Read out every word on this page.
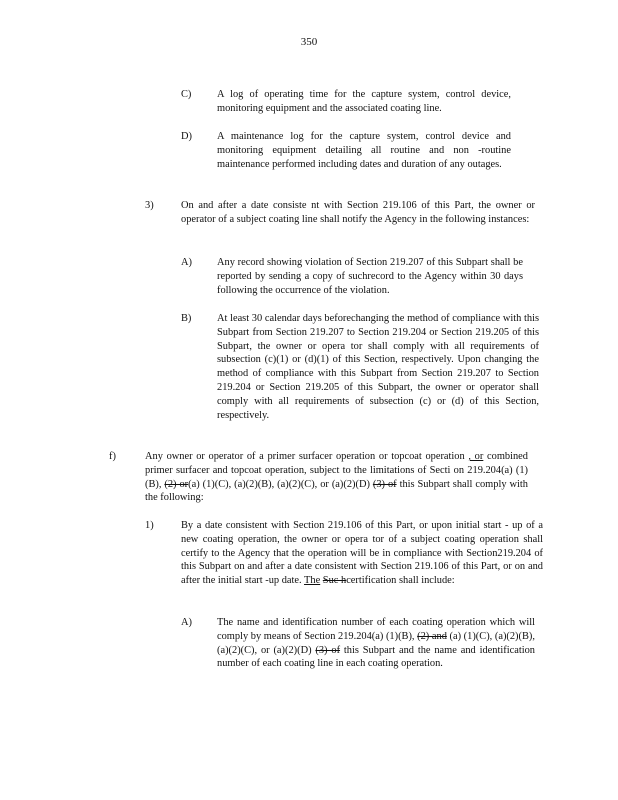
350
C) A log of operating time for the capture system, control device, monitoring equipment and the associated coating line.
D) A maintenance log for the capture system, control device and monitoring equipment detailing all routine and non -routine maintenance performed including dates and duration of any outages.
3)	On and after a date consiste nt with Section 219.106 of this Part, the owner or operator of a subject coating line shall notify the Agency in the following instances:
A) Any record showing violation of Section 219.207 of this Subpart shall be reported by sending a copy of suchrecord to the Agency within 30 days following the occurrence of the violation.
B) At least 30 calendar days beforechanging the method of compliance with this Subpart from Section 219.207 to Section 219.204 or Section 219.205 of this Subpart, the owner or opera tor shall comply with all requirements of subsection (c)(1) or (d)(1) of this Section, respectively. Upon changing the method of compliance with this Subpart from Section 219.207 to Section 219.204 or Section 219.205 of this Subpart, the owner or operator shall comply with all requirements of subsection (c) or (d) of this Section, respectively.
f)	Any owner or operator of a primer surfacer operation or topcoat operation , or combined primer surfacer and topcoat operation, subject to the limitations of Secti on 219.204(a) (1)(B), (2) or(a) (1)(C), (a)(2)(B), (a)(2)(C), or (a)(2)(D) (3) of this Subpart shall comply with the following:
1)	By a date consistent with Section 219.106 of this Part, or upon initial start - up of a new coating operation, the owner or opera tor of a subject coating operation shall certify to the Agency that the operation will be in compliance with Section219.204 of this Subpart on and after a date consistent with Section 219.106 of this Part, or on and after the initial start -up date. The Suc hcertification shall include:
A) The name and identification number of each coating operation which will comply by means of Section 219.204(a) (1)(B), (2) and (a) (1)(C), (a)(2)(B), (a)(2)(C), or (a)(2)(D) (3) of this Subpart and the name and identification number of each coating line in each coating operation.
